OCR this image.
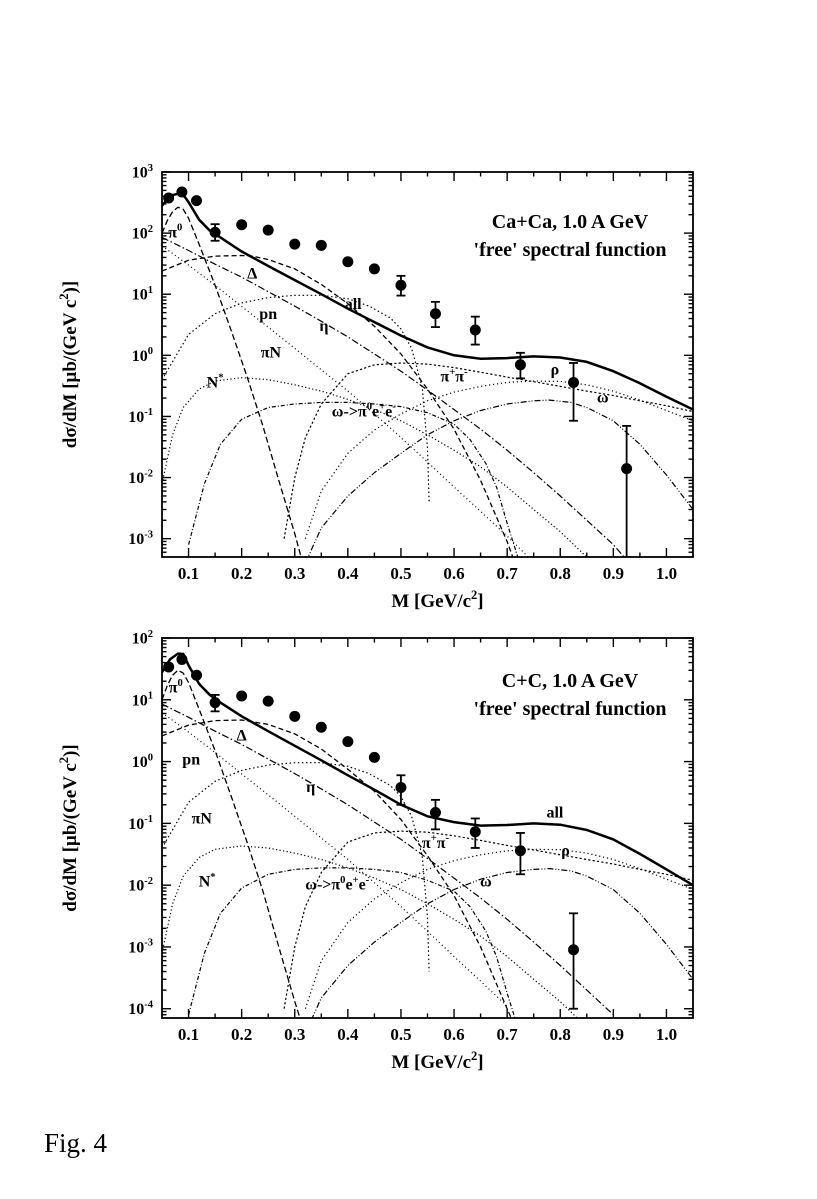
0.1 0.2 0.3 0.4 0.5 0.6 0.7 0.8 0.9 1.0
$10^{-3}$
$10^{-2}$
$10^{-1}$
$10^0$
$10^1$
$10^2$
$10^3$
$\pi^0$
Δ
η
pn
πN
N*	π+π-	ρ
ω
$\omega->\pi^0e^+e^-$
all
Ca+Ca, 1.0 A GeV
'free' spectral function
M $[GeV/c^2]$
dσ/dM [μb/(GeV $c^2$)]
0.1 0.2 0.3 0.4 0.5 0.6 0.7 0.8 0.9 1.0
$10^{-4}$
$10^{-3}$
$10^{-2}$
$10^{-1}$
$10^0$
$10^1$
$10^2$
$\pi^0$
Δ
η
pn
πN
N*
π+π-
ρ
ω
$\omega->\pi^0e^+e^-$
all
C+C, 1.0 A GeV
'free' spectral function
M $[GeV/c^2]$
dσ/dM [μb/(GeV $c^2$)]
Fig. 4
